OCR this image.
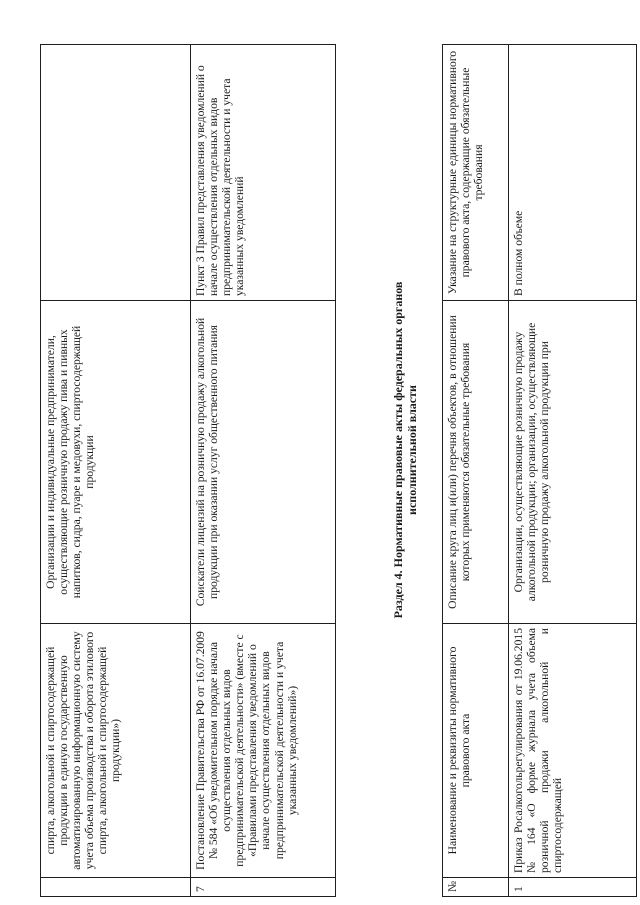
	спирта, алкогольной и спиртосодержащей продукции в единую государственную автоматизированную информационную систему учета объема производства и оборота этилового спирта, алкогольной и спиртосодержащей продукции»)	Организации и индивидуальные предприниматели, осуществляющие розничную продажу пива и пивных напитков, сидра, пуаре и медовухи, спиртосодержащей продукции	
7	Постановление Правительства РФ от 16.07.2009 № 584 «Об уведомительном порядке начала осуществления отдельных видов предпринимательской деятельности» (вместе с «Правилами представления уведомлений о начале осуществления отдельных видов предпринимательской деятельности и учета указанных уведомлений»)	Соискатели лицензий на розничную продажу алкогольной продукции при оказании услуг общественного питания	Пункт 3 Правил представления уведомлений о начале осуществления отдельных видов предпринимательской деятельности и учета указанных уведомлений
Раздел 4. Нормативные правовые акты федеральных органов исполнительной власти
№	Наименование и реквизиты нормативного правового акта	Описание круга лиц и(или) перечня объектов, в отношении которых применяются обязательные требования	Указание на структурные единицы нормативного правового акта, содержащие обязательные требования
1	Приказ Росалкогольрегулирования от 19.06.2015 № 164 «О форме журнала учета объема розничной продажи алкогольной и спиртосодержащей	Организации, осуществляющие розничную продажу алкогольной продукции; организации, осуществляющие розничную продажу алкогольной продукции при	В полном объеме
